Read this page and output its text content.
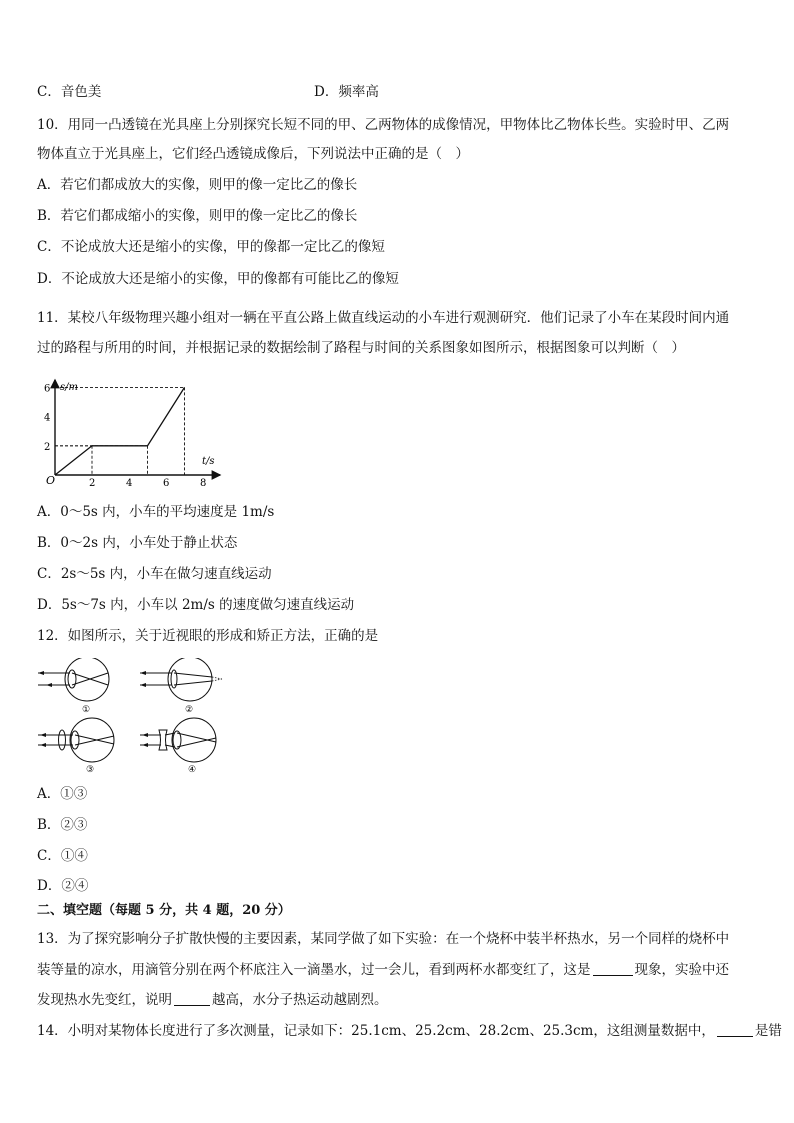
C．音色美	D．频率高
10．用同一凸透镜在光具座上分别探究长短不同的甲、乙两物体的成像情况，甲物体比乙物体长些。实验时甲、乙两
物体直立于光具座上，它们经凸透镜成像后，下列说法中正确的是（　）
A．若它们都成放大的实像，则甲的像一定比乙的像长
B．若它们都成缩小的实像，则甲的像一定比乙的像长
C．不论成放大还是缩小的实像，甲的像都一定比乙的像短
D．不论成放大还是缩小的实像，甲的像都有可能比乙的像短
11．某校八年级物理兴趣小组对一辆在平直公路上做直线运动的小车进行观测研究．他们记录了小车在某段时间内通
过的路程与所用的时间，并根据记录的数据绘制了路程与时间的关系图象如图所示，根据图象可以判断（　）
2	4	6	8
2
4
6 s/m
t/s
O
A．0～5s 内，小车的平均速度是 1m/s
B．0～2s 内，小车处于静止状态
C．2s～5s 内，小车在做匀速直线运动
D．5s～7s 内，小车以 2m/s 的速度做匀速直线运动
12．如图所示，关于近视眼的形成和矫正方法，正确的是
①	②
③	④
A．①③
B．②③
C．①④
D．②④
二、填空题（每题 5 分，共 4 题，20 分）
13．为了探究影响分子扩散快慢的主要因素，某同学做了如下实验：在一个烧杯中装半杯热水，另一个同样的烧杯中
装等量的凉水，用滴管分别在两个杯底注入一滴墨水，过一会儿，看到两杯水都变红了，这是	现象，实验中还
发现热水先变红，说明	越高，水分子热运动越剧烈。
14．小明对某物体长度进行了多次测量，记录如下：25.1cm、25.2cm、28.2cm、25.3cm，这组测量数据中，	是错
